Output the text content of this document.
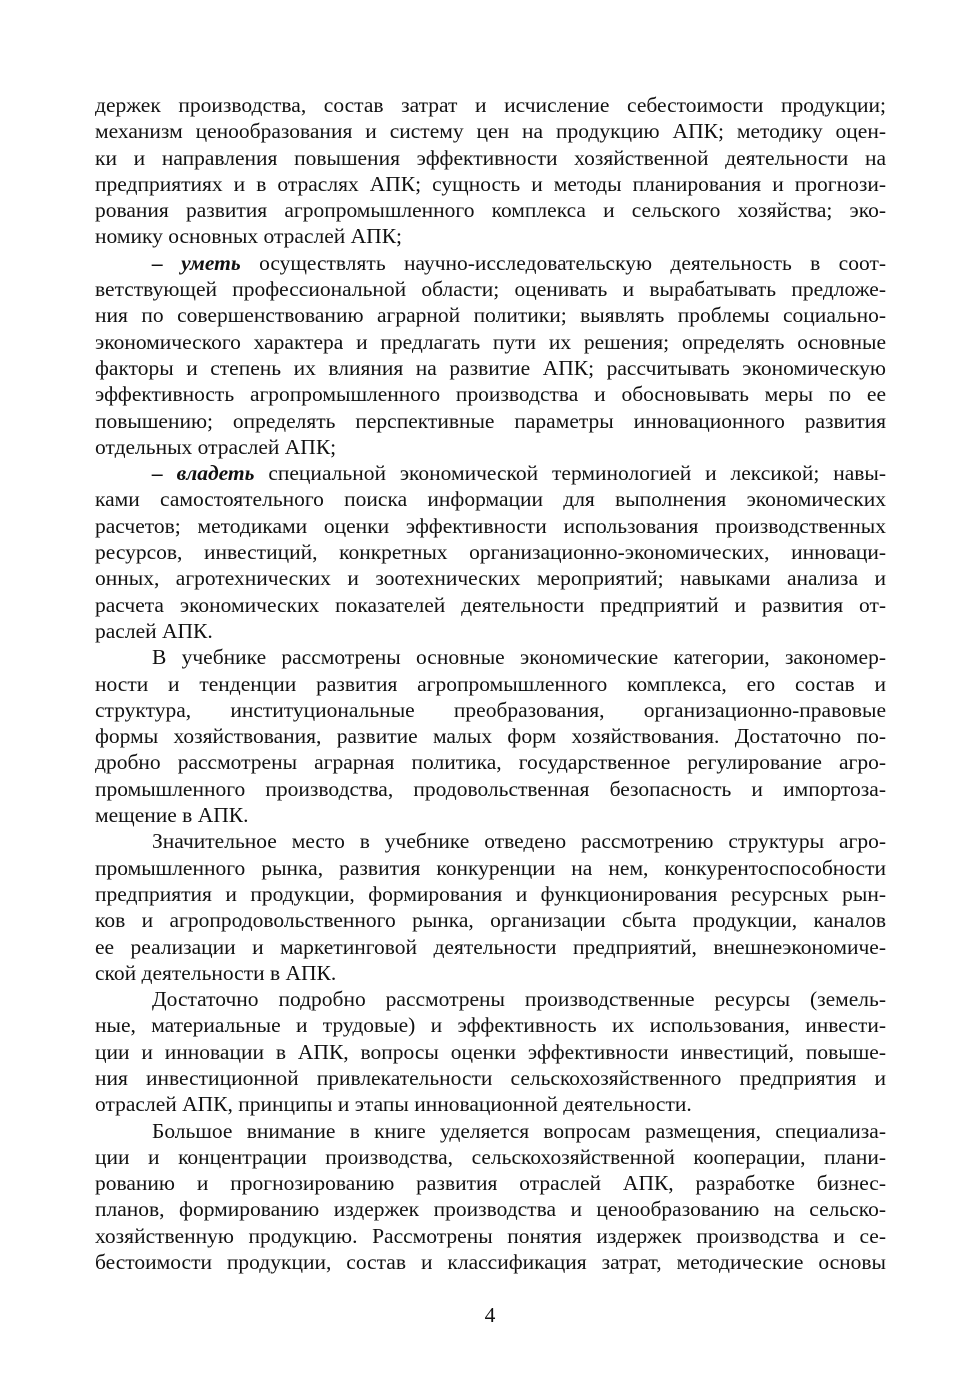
держек производства, состав затрат и исчисление себестоимости продукции;
механизм ценообразования и систему цен на продукцию АПК; методику оцен-
ки и направления повышения эффективности хозяйственной деятельности на
предприятиях и в отраслях АПК; сущность и методы планирования и прогнози-
рования развития агропромышленного комплекса и сельского хозяйства; эко-
номику основных отраслей АПК;
– уметь осуществлять научно-исследовательскую деятельность в соот-
ветствующей профессиональной области; оценивать и вырабатывать предложе-
ния по совершенствованию аграрной политики; выявлять проблемы социально-
экономического характера и предлагать пути их решения; определять основные
факторы и степень их влияния на развитие АПК; рассчитывать экономическую
эффективность агропромышленного производства и обосновывать меры по ее
повышению; определять перспективные параметры инновационного развития
отдельных отраслей АПК;
– владеть специальной экономической терминологией и лексикой; навы-
ками самостоятельного поиска информации для выполнения экономических
расчетов; методиками оценки эффективности использования производственных
ресурсов, инвестиций, конкретных организационно-экономических, инноваци-
онных, агротехнических и зоотехнических мероприятий; навыками анализа и
расчета экономических показателей деятельности предприятий и развития от-
раслей АПК.
В учебнике рассмотрены основные экономические категории, закономер-
ности и тенденции развития агропромышленного комплекса, его состав и
структура, институциональные преобразования, организационно-правовые
формы хозяйствования, развитие малых форм хозяйствования. Достаточно по-
дробно рассмотрены аграрная политика, государственное регулирование агро-
промышленного производства, продовольственная безопасность и импортоза-
мещение в АПК.
Значительное место в учебнике отведено рассмотрению структуры агро-
промышленного рынка, развития конкуренции на нем, конкурентоспособности
предприятия и продукции, формирования и функционирования ресурсных рын-
ков и агропродовольственного рынка, организации сбыта продукции, каналов
ее реализации и маркетинговой деятельности предприятий, внешнеэкономиче-
ской деятельности в АПК.
Достаточно подробно рассмотрены производственные ресурсы (земель-
ные, материальные и трудовые) и эффективность их использования, инвести-
ции и инновации в АПК, вопросы оценки эффективности инвестиций, повыше-
ния инвестиционной привлекательности сельскохозяйственного предприятия и
отраслей АПК, принципы и этапы инновационной деятельности.
Большое внимание в книге уделяется вопросам размещения, специализа-
ции и концентрации производства, сельскохозяйственной кооперации, плани-
рованию и прогнозированию развития отраслей АПК, разработке бизнес-
планов, формированию издержек производства и ценообразованию на сельско-
хозяйственную продукцию. Рассмотрены понятия издержек производства и се-
бестоимости продукции, состав и классификация затрат, методические основы
4
